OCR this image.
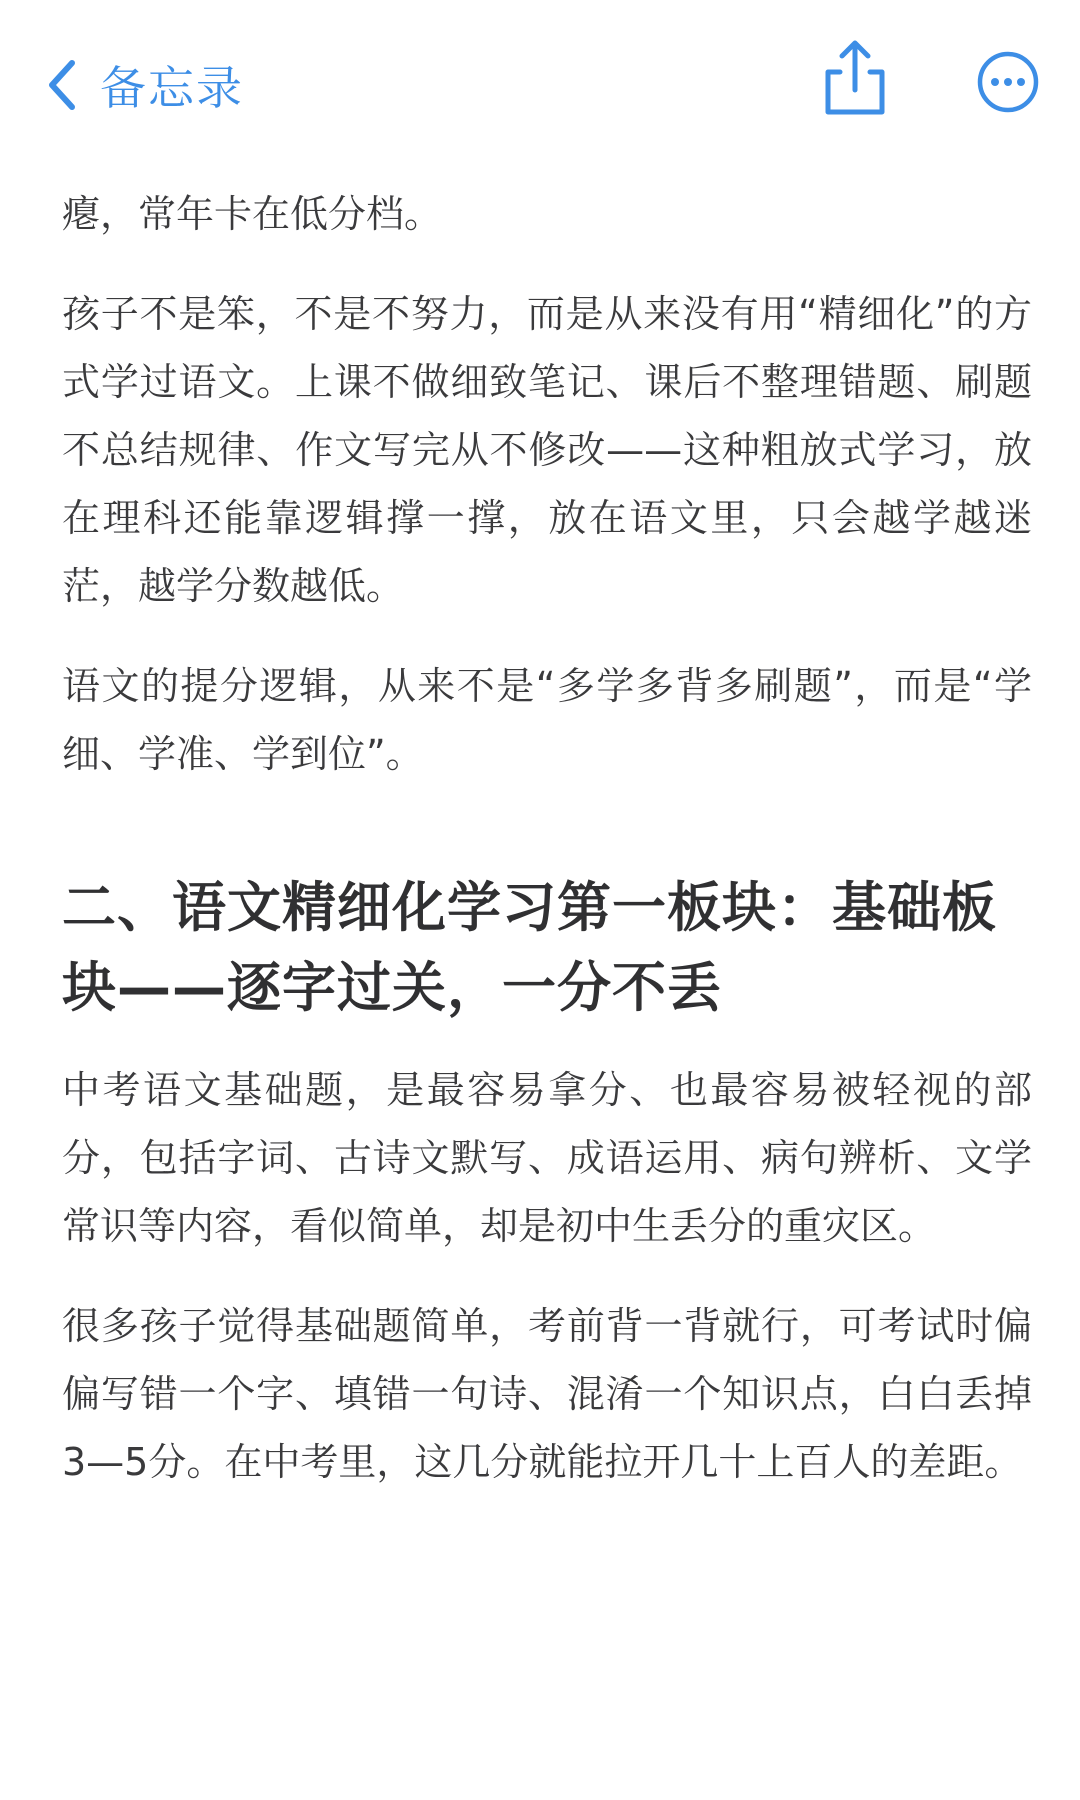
备忘录

瘪，常年卡在低分档。

孩子不是笨，不是不努力，而是从来没有用“精细化”的方式学过语文。上课不做细致笔记、课后不整理错题、刷题不总结规律、作文写完从不修改——这种粗放式学习，放在理科还能靠逻辑撑一撑，放在语文里，只会越学越迷茫，越学分数越低。

语文的提分逻辑，从来不是“多学多背多刷题”，而是“学细、学准、学到位”。

二、语文精细化学习第一板块：基础板块——逐字过关，一分不丢

中考语文基础题，是最容易拿分、也最容易被轻视的部分，包括字词、古诗文默写、成语运用、病句辨析、文学常识等内容，看似简单，却是初中生丢分的重灾区。

很多孩子觉得基础题简单，考前背一背就行，可考试时偏偏写错一个字、填错一句诗、混淆一个知识点，白白丢掉3—5分。在中考里，这几分就能拉开几十上百人的差距。
